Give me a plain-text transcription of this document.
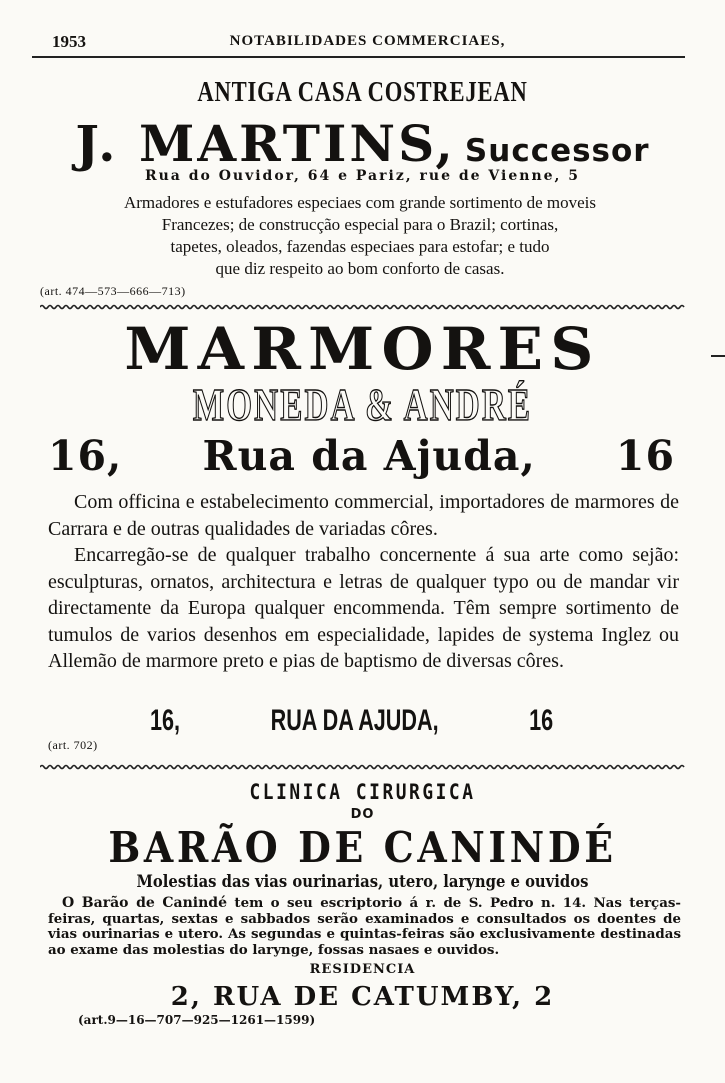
1953	NOTABILIDADES COMMERCIAES,
ANTIGA CASA COSTREJEAN
J. MARTINS, Successor
Rua do Ouvidor, 64 e Pariz, rue de Vienne, 5

Armadores e estufadores especiaes com grande sortimento de moveis

Francezes; de construcção especial para o Brazil; cortinas,

tapetes, oleados, fazendas especiaes para estofar; e tudo

que diz respeito ao bom conforto de casas.

(art. 474—573—666—713)
MARMORES
MONEDA & ANDRÉ
16, Rua da Ajuda, 16

Com officina e estabelecimento commercial, importadores de marmores de Carrara e de outras qualidades de variadas côres.

Encarregão-se de qualquer trabalho concernente á sua arte como sejão: esculpturas, ornatos, architectura e letras de qualquer typo ou de mandar vir directamente da Europa qualquer encommenda. Têm sempre sortimento de tumulos de varios desenhos em especialidade, lapides de systema Inglez ou Allemão de marmore preto e pias de baptismo de diversas côres.

16,	RUA DA AJUDA,	16
(art. 702)
CLINICA CIRURGICA
DO
BARÃO DE CANINDÉ
Molestias das vias ourinarias, utero, larynge e ouvidos

O Barão de Canindé tem o seu escriptorio á r. de S. Pedro n. 14. Nas terças-feiras, quartas, sextas e sabbados serão examinados e consultados os doentes de vias ourinarias e utero. As segundas e quintas-feiras são exclusivamente destinadas ao exame das molestias do larynge, fossas nasaes e ouvidos.

RESIDENCIA
2, RUA DE CATUMBY, 2
(art.9—16—707—925—1261—1599)
